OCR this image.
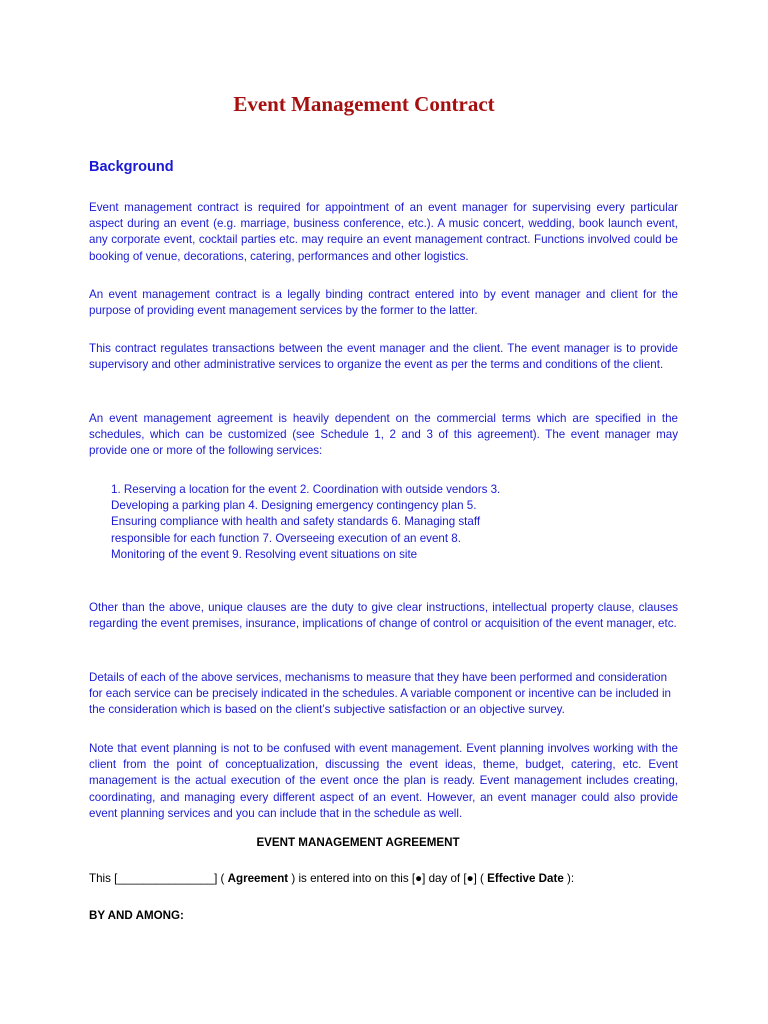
Event Management Contract
Background

Event management contract is required for appointment of an event manager for supervising every particular aspect during an event (e.g. marriage, business conference, etc.). A music concert, wedding, book launch event, any corporate event, cocktail parties etc. may require an event management contract. Functions involved could be booking of venue, decorations, catering, performances and other logistics.

An event management contract is a legally binding contract entered into by event manager and client for the purpose of providing event management services by the former to the latter.

This contract regulates transactions between the event manager and the client. The event manager is to provide supervisory and other administrative services to organize the event as per the terms and conditions of the client.

An event management agreement is heavily dependent on the commercial terms which are specified in the schedules, which can be customized (see Schedule 1, 2 and 3 of this agreement). The event manager may provide one or more of the following services:

1. Reserving a location for the event 2. Coordination with outside vendors 3. Developing a parking plan 4. Designing emergency contingency plan 5. Ensuring compliance with health and safety standards 6. Managing staff responsible for each function 7. Overseeing execution of an event 8. Monitoring of the event 9. Resolving event situations on site

Other than the above, unique clauses are the duty to give clear instructions, intellectual property clause, clauses regarding the event premises, insurance, implications of change of control or acquisition of the event manager, etc.

Details of each of the above services, mechanisms to measure that they have been performed and consideration for each service can be precisely indicated in the schedules. A variable component or incentive can be included in the consideration which is based on the client’s subjective satisfaction or an objective survey.

Note that event planning is not to be confused with event management. Event planning involves working with the client from the point of conceptualization, discussing the event ideas, theme, budget, catering, etc. Event management is the actual execution of the event once the plan is ready. Event management includes creating, coordinating, and managing every different aspect of an event. However, an event manager could also provide event planning services and you can include that in the schedule as well.

EVENT MANAGEMENT AGREEMENT
This [_______________] ( Agreement ) is entered into on this [●] day of [●] ( Effective Date ):
BY AND AMONG:
